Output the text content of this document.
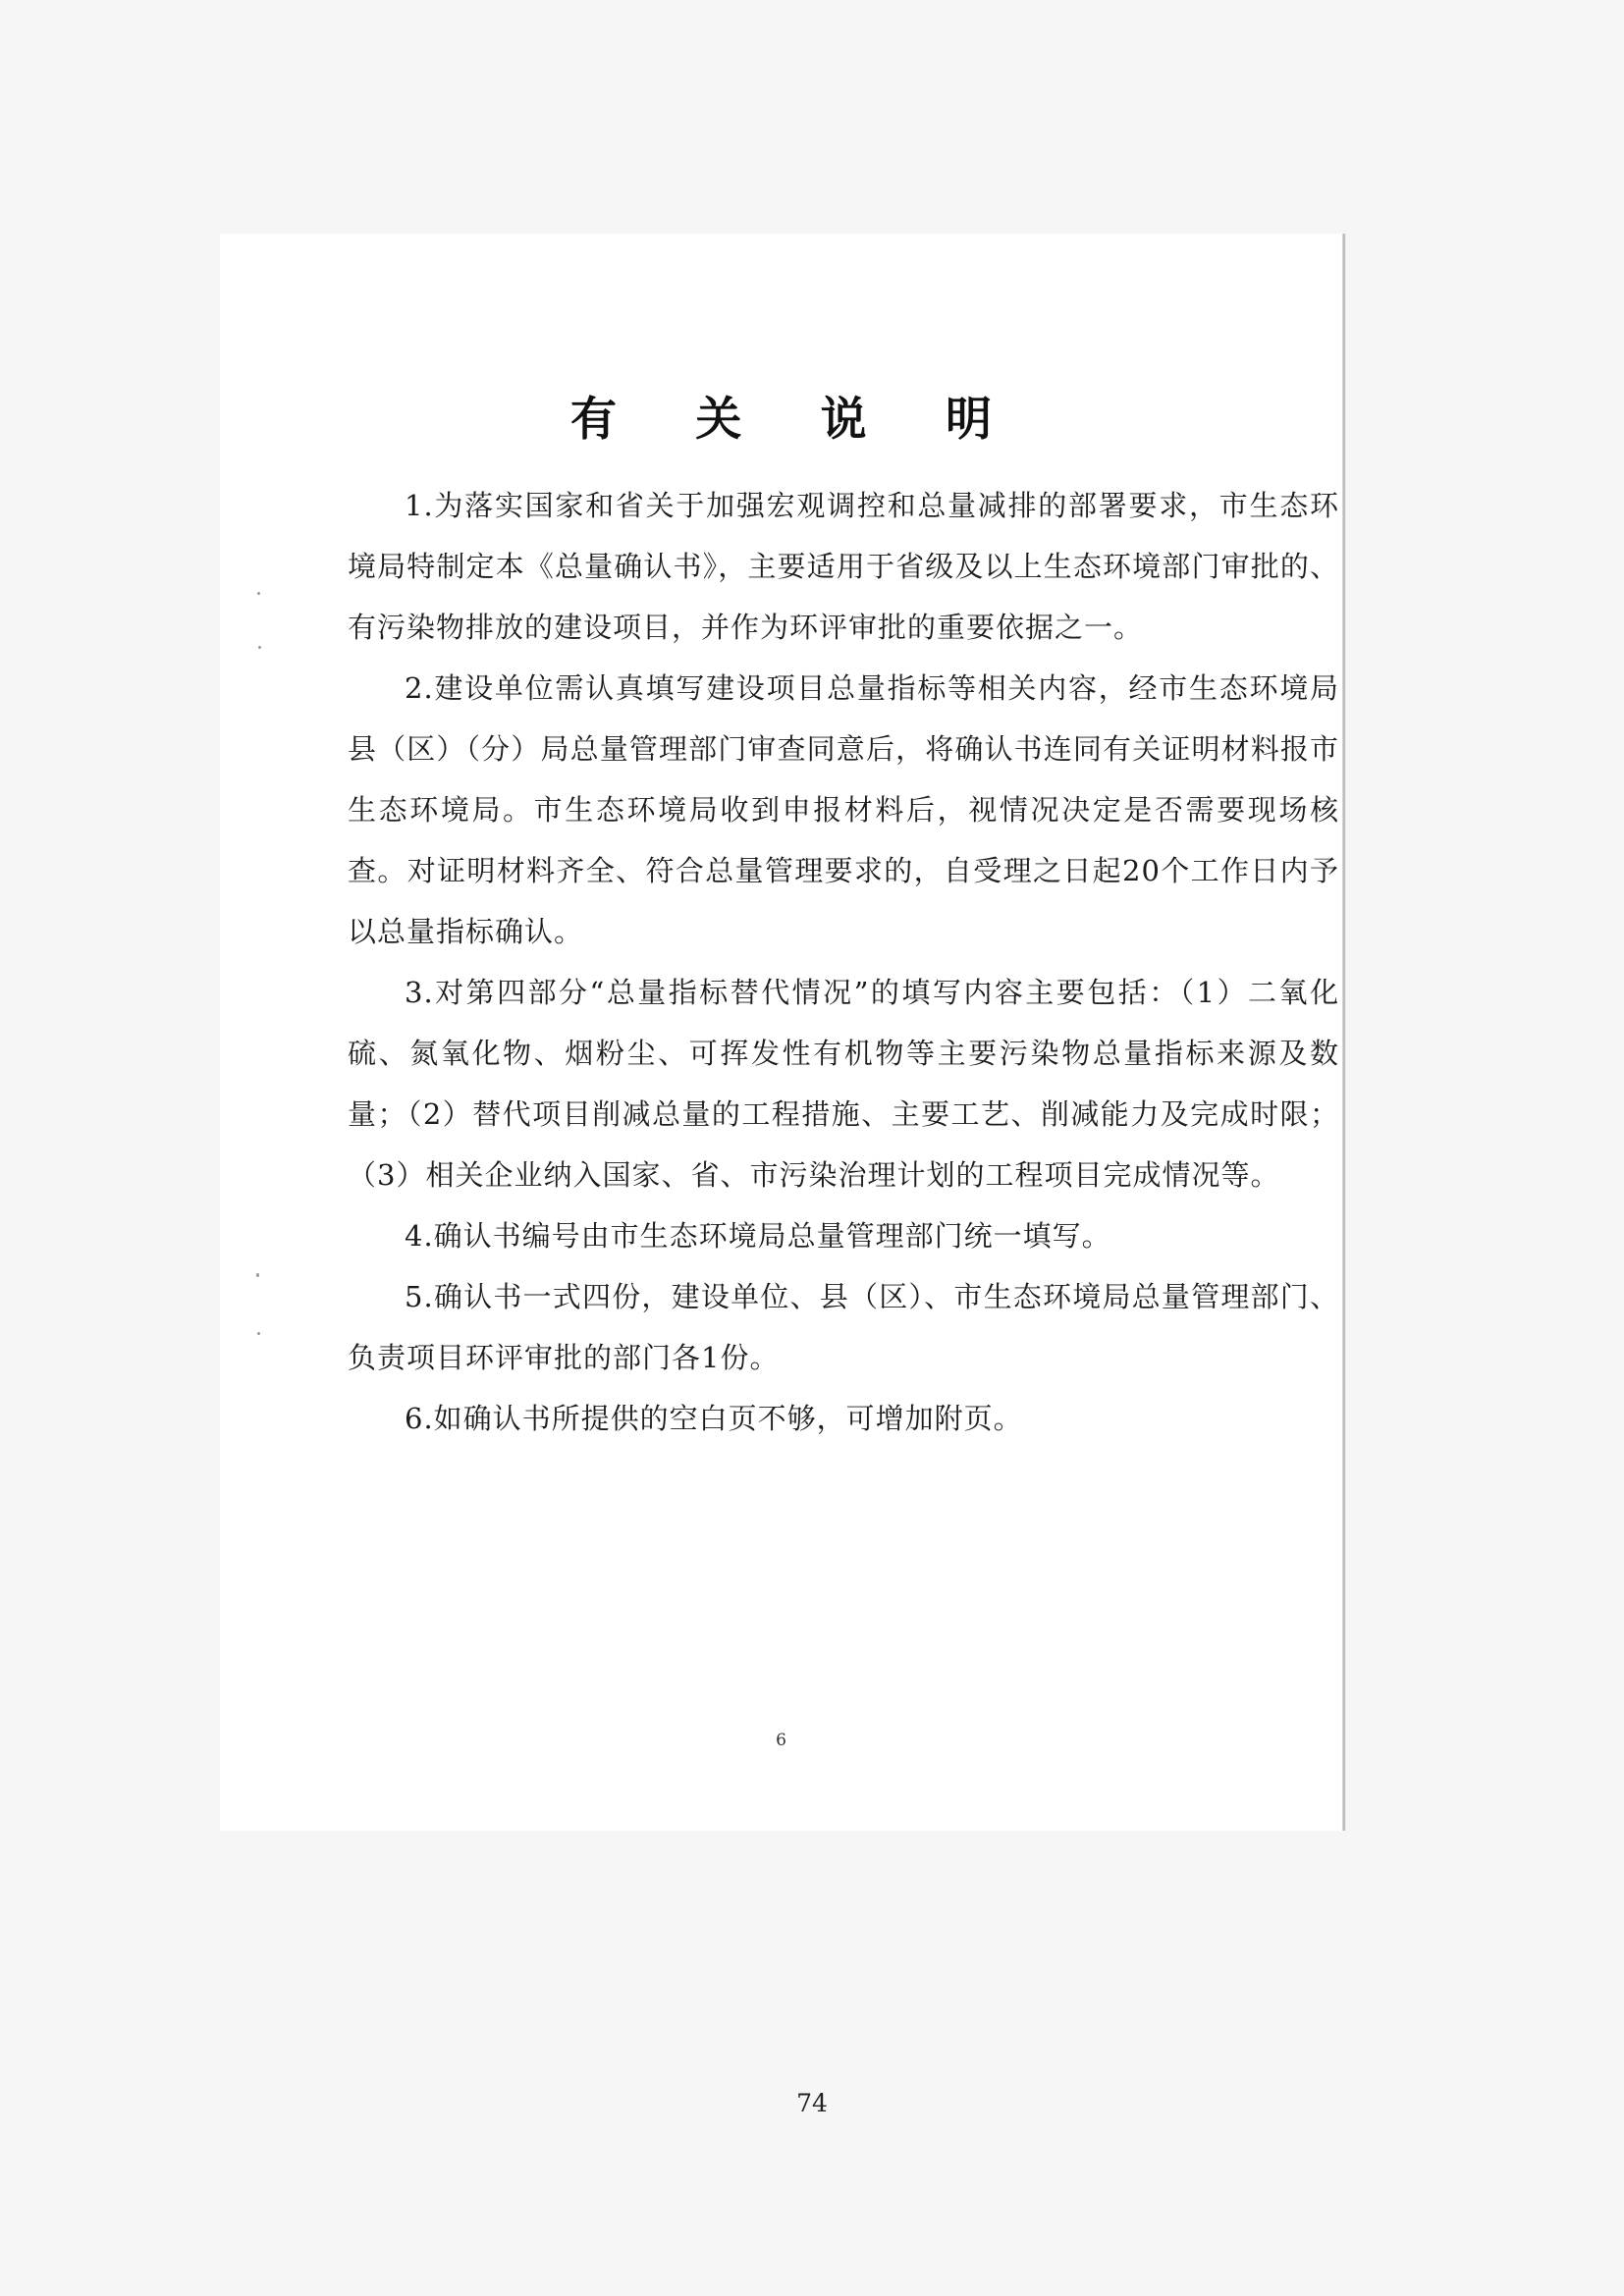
有 关 说 明

1.为落实国家和省关于加强宏观调控和总量减排的部署要求，市生态环境局特制定本《总量确认书》，主要适用于省级及以上生态环境部门审批的、有污染物排放的建设项目，并作为环评审批的重要依据之一。

2.建设单位需认真填写建设项目总量指标等相关内容，经市生态环境局县（区）（分）局总量管理部门审查同意后，将确认书连同有关证明材料报市生态环境局。市生态环境局收到申报材料后，视情况决定是否需要现场核查。对证明材料齐全、符合总量管理要求的，自受理之日起20个工作日内予以总量指标确认。

3.对第四部分“总量指标替代情况”的填写内容主要包括：（1）二氧化硫、氮氧化物、烟粉尘、可挥发性有机物等主要污染物总量指标来源及数量；（2）替代项目削减总量的工程措施、主要工艺、削减能力及完成时限；（3）相关企业纳入国家、省、市污染治理计划的工程项目完成情况等。

4.确认书编号由市生态环境局总量管理部门统一填写。

5.确认书一式四份，建设单位、县（区）、市生态环境局总量管理部门、负责项目环评审批的部门各1份。

6.如确认书所提供的空白页不够，可增加附页。

6
74
